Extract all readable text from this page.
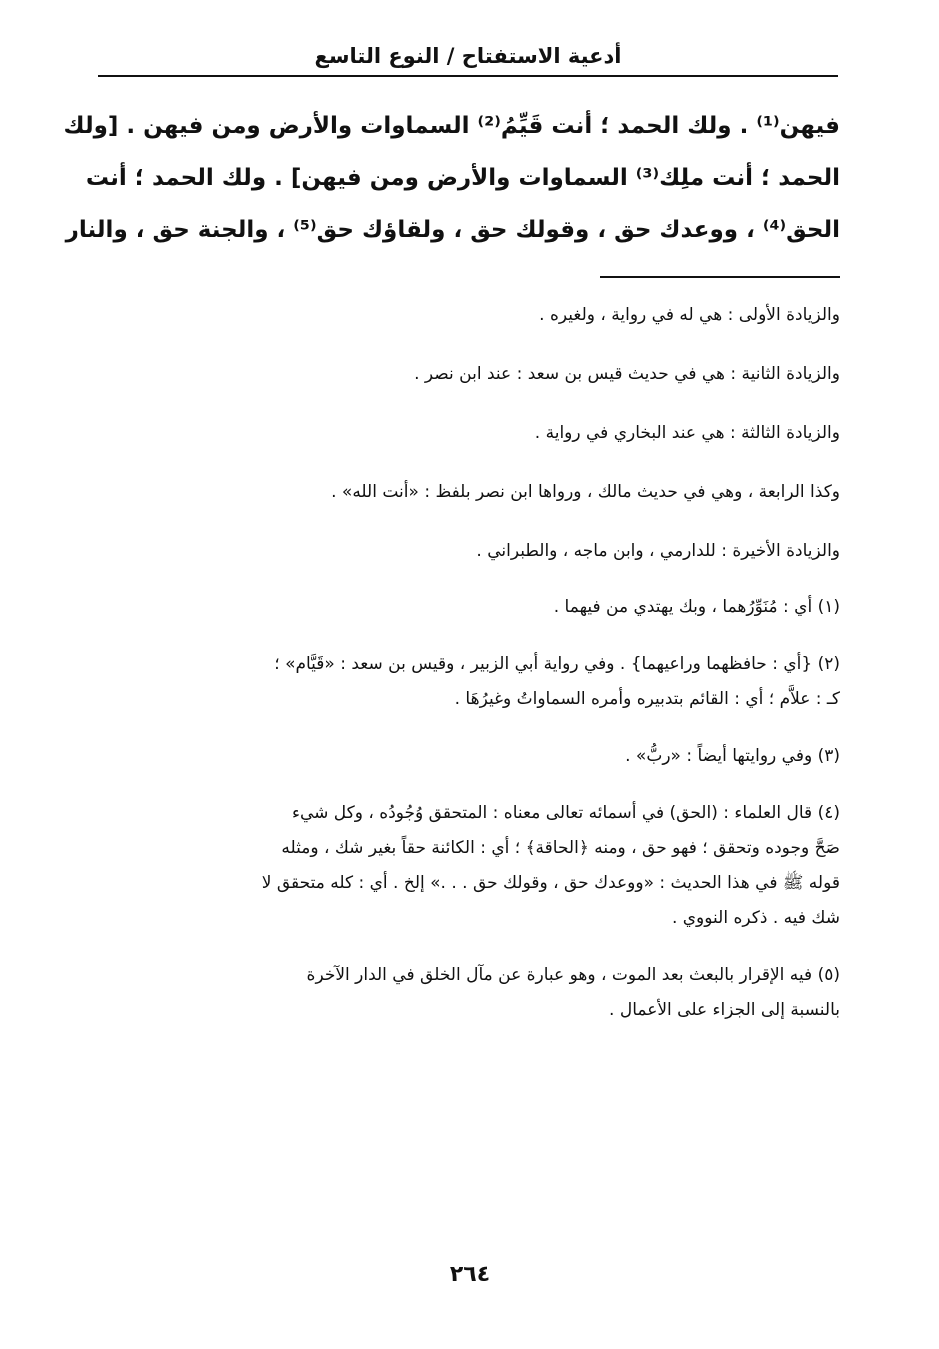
أدعية الاستفتاح / النوع التاسع
فيهن⁽¹⁾ . ولك الحمد ؛ أنت قَيِّمُ⁽²⁾ السماوات والأرض ومن فيهن . [ولك
الحمد ؛ أنت ملِك⁽³⁾ السماوات والأرض ومن فيهن] . ولك الحمد ؛ أنت
الحق⁽⁴⁾ ، ووعدك حق ، وقولك حق ، ولقاؤك حق⁽⁵⁾ ، والجنة حق ، والنار
والزيادة الأولى : هي له في رواية ، ولغيره .
والزيادة الثانية : هي في حديث قيس بن سعد : عند ابن نصر .
والزيادة الثالثة : هي عند البخاري في رواية .
وكذا الرابعة ، وهي في حديث مالك ، ورواها ابن نصر بلفظ : «أنت الله» .
والزيادة الأخيرة : للدارمي ، وابن ماجه ، والطبراني .
(١) أي : مُنَوِّرُهما ، وبك يهتدي من فيهما .
(٢) {أي : حافظهما وراعيهما} . وفي رواية أبي الزبير ، وقيس بن سعد : «قَيَّام» ؛
كـ : علاَّم ؛ أي : القائم بتدبيره وأمره السماواتُ وغيرُهَا .
(٣) وفي روايتها أيضاً : «ربُّ» .
(٤) قال العلماء : (الحق) في أسمائه تعالى معناه : المتحقق وُجُودُه ، وكل شيء
صَحَّ وجوده وتحقق ؛ فهو حق ، ومنه ﴿الحاقة﴾ ؛ أي : الكائنة حقاً بغير شك ، ومثله
قوله ﷺ في هذا الحديث : «ووعدك حق ، وقولك حق . . .» إلخ . أي : كله متحقق لا
شك فيه . ذكره النووي .
(٥) فيه الإقرار بالبعث بعد الموت ، وهو عبارة عن مآل الخلق في الدار الآخرة
بالنسبة إلى الجزاء على الأعمال .
٢٦٤
